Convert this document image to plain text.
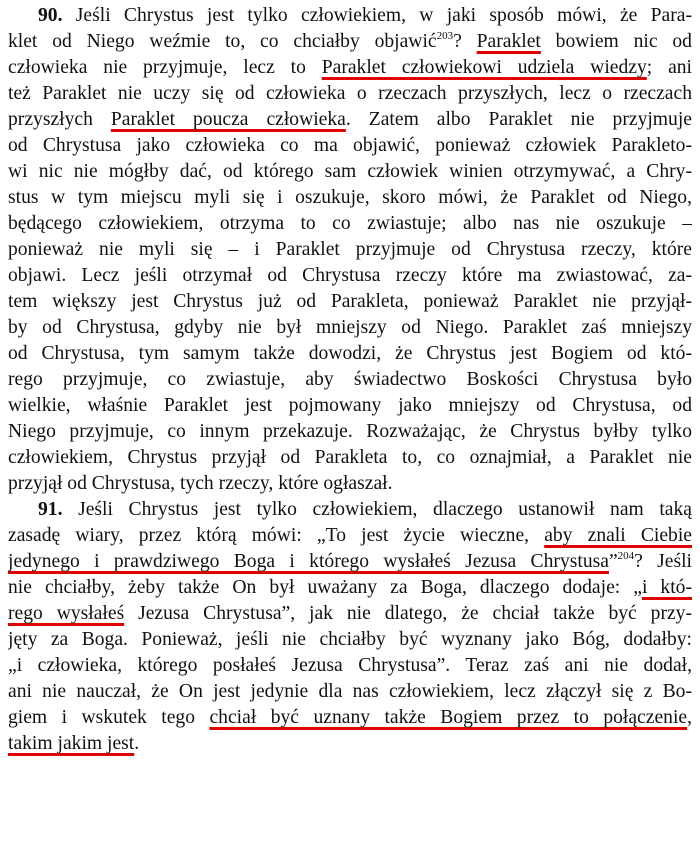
90. Jeśli Chrystus jest tylko człowiekiem, w jaki sposób mówi, że Para-
klet od Niego weźmie to, co chciałby objawić$^{203}$? Paraklet bowiem nic od
człowieka nie przyjmuje, lecz to Paraklet człowiekowi udziela wiedzy; ani
też Paraklet nie uczy się od człowieka o rzeczach przyszłych, lecz o rzeczach
przyszłych Paraklet poucza człowieka. Zatem albo Paraklet nie przyjmuje
od Chrystusa jako człowieka co ma objawić, ponieważ człowiek Parakleto-
wi nic nie mógłby dać, od którego sam człowiek winien otrzymywać, a Chry-
stus w tym miejscu myli się i oszukuje, skoro mówi, że Paraklet od Niego,
będącego człowiekiem, otrzyma to co zwiastuje; albo nas nie oszukuje –
ponieważ nie myli się – i Paraklet przyjmuje od Chrystusa rzeczy, które
objawi. Lecz jeśli otrzymał od Chrystusa rzeczy które ma zwiastować, za-
tem większy jest Chrystus już od Parakleta, ponieważ Paraklet nie przyjął-
by od Chrystusa, gdyby nie był mniejszy od Niego. Paraklet zaś mniejszy
od Chrystusa, tym samym także dowodzi, że Chrystus jest Bogiem od któ-
rego przyjmuje, co zwiastuje, aby świadectwo Boskości Chrystusa było
wielkie, właśnie Paraklet jest pojmowany jako mniejszy od Chrystusa, od
Niego przyjmuje, co innym przekazuje. Rozważając, że Chrystus byłby tylko
człowiekiem, Chrystus przyjął od Parakleta to, co oznajmiał, a Paraklet nie
przyjął od Chrystusa, tych rzeczy, które ogłaszał.
91. Jeśli Chrystus jest tylko człowiekiem, dlaczego ustanowił nam taką
zasadę wiary, przez którą mówi: „To jest życie wieczne, aby znali Ciebie
jedynego i prawdziwego Boga i którego wysłałeś Jezusa Chrystusa”$^{204}$? Jeśli
nie chciałby, żeby także On był uważany za Boga, dlaczego dodaje: „i któ-
rego wysłałeś Jezusa Chrystusa”, jak nie dlatego, że chciał także być przy-
jęty za Boga. Ponieważ, jeśli nie chciałby być wyznany jako Bóg, dodałby:
„i człowieka, którego posłałeś Jezusa Chrystusa”. Teraz zaś ani nie dodał,
ani nie nauczał, że On jest jedynie dla nas człowiekiem, lecz złączył się z Bo-
giem i wskutek tego chciał być uznany także Bogiem przez to połączenie,
takim jakim jest.
